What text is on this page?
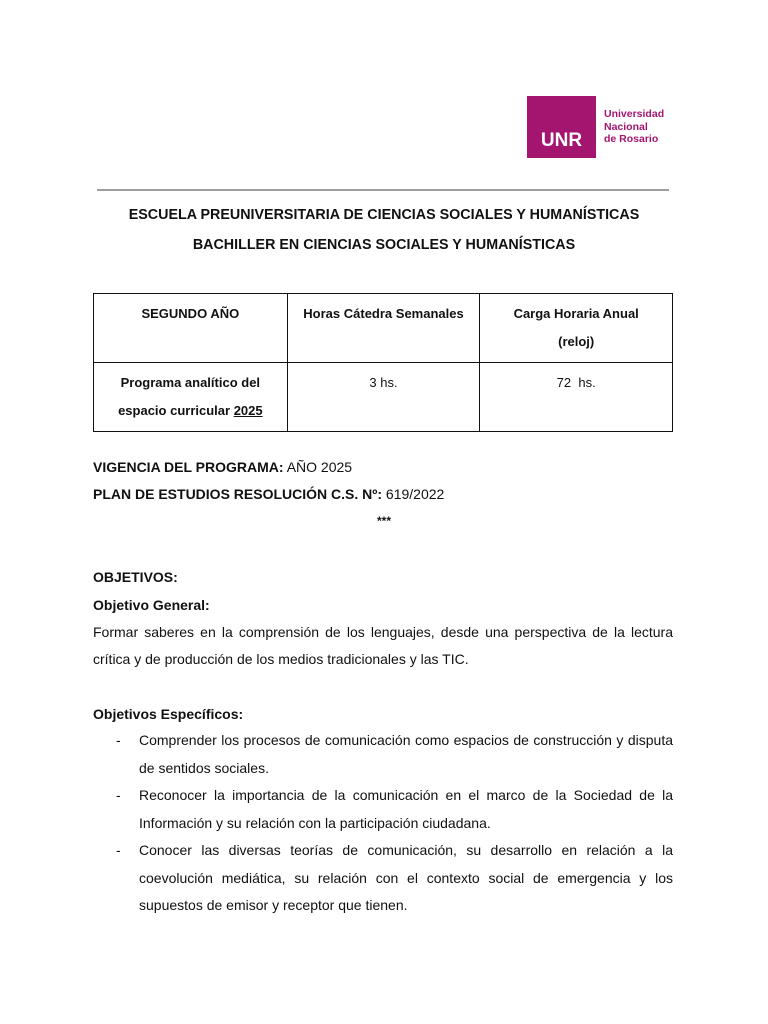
UNR
Universidad
Nacional
de Rosario
ESCUELA PREUNIVERSITARIA DE CIENCIAS SOCIALES Y HUMANÍSTICAS
BACHILLER EN CIENCIAS SOCIALES Y HUMANÍSTICAS
SEGUNDO AÑO	Horas Cátedra Semanales	Carga Horaria Anual
(reloj)

Programa analítico del
espacio curricular 2025	3 hs.	72  hs.
VIGENCIA DEL PROGRAMA: AÑO 2025
PLAN DE ESTUDIOS RESOLUCIÓN C.S. Nº: 619/2022
***
OBJETIVOS:
Objetivo General:
Formar saberes en la comprensión de los lenguajes, desde una perspectiva de la lectura
crítica y de producción de los medios tradicionales y las TIC.
Objetivos Específicos:
- Comprender los procesos de comunicación como espacios de construcción y disputa
de sentidos sociales.
- Reconocer la importancia de la comunicación en el marco de la Sociedad de la
Información y su relación con la participación ciudadana.
- Conocer las diversas teorías de comunicación, su desarrollo en relación a la
coevolución mediática, su relación con el contexto social de emergencia y los
supuestos de emisor y receptor que tienen.
